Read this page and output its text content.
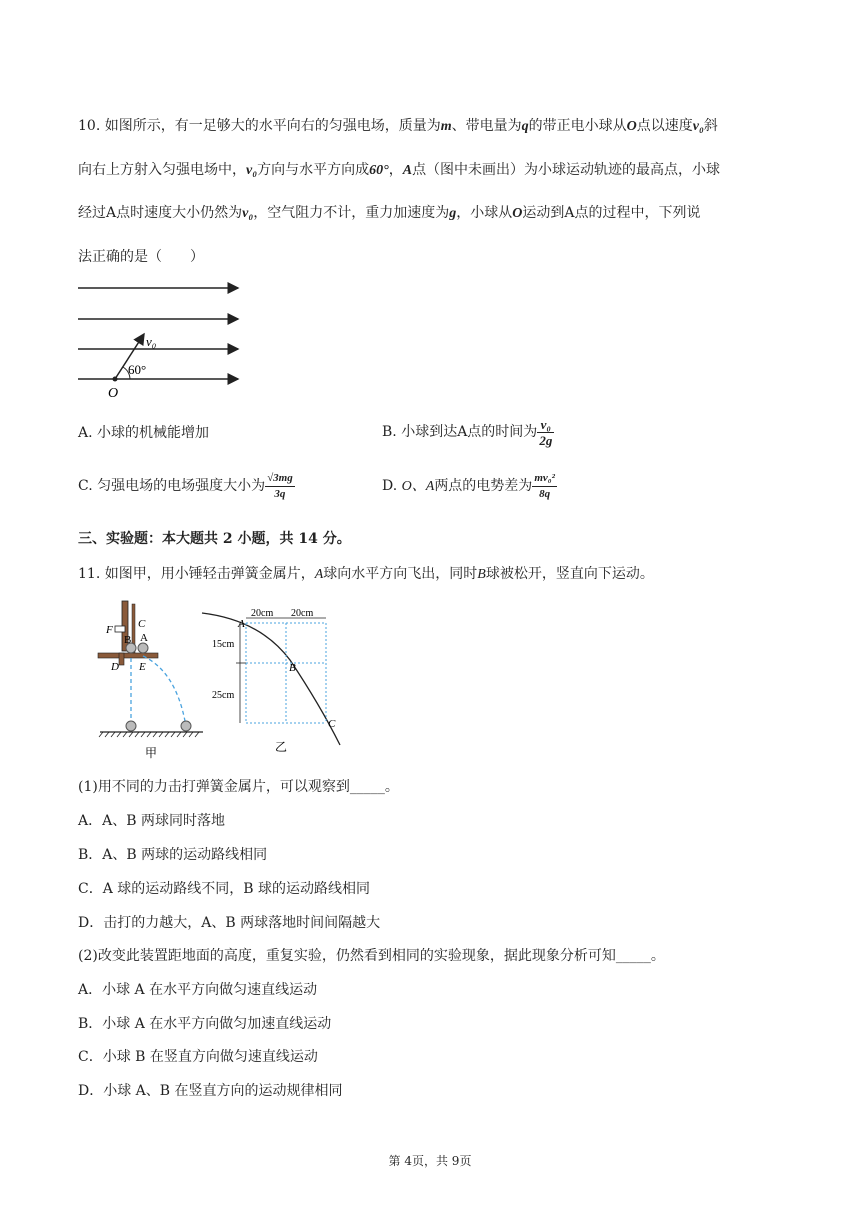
10. 如图所示，有一足够大的水平向右的匀强电场，质量为m、带电量为q的带正电小球从O点以速度v₀斜
向右上方射入匀强电场中，v₀方向与水平方向成60°，A点（图中未画出）为小球运动轨迹的最高点，小球
经过A点时速度大小仍然为v₀，空气阻力不计，重力加速度为g，小球从O运动到A点的过程中，下列说
法正确的是（　　）
v₀
60°
O
A. 小球的机械能增加	B. 小球到达A点的时间为 $\frac{\text{v₀}}{2g}$
C. 匀强电场的电场强度大小为 $\frac{√3mg}{3q}$	D. O、A两点的电势差为 $\frac{\text{mv₀²}}{8q}$
三、实验题：本大题共 2 小题，共 14 分。
11. 如图甲，用小锤轻击弹簧金属片，A球向水平方向飞出，同时B球被松开，竖直向下运动。
C
F
B A
D E
甲
A
B
C
20cm 20cm
15cm
25cm
乙
(1)用不同的力击打弹簧金属片，可以观察到_____。
A．A、B 两球同时落地
B．A、B 两球的运动路线相同
C．A 球的运动路线不同，B 球的运动路线相同
D．击打的力越大，A、B 两球落地时间间隔越大
(2)改变此装置距地面的高度，重复实验，仍然看到相同的实验现象，据此现象分析可知_____。
A．小球 A 在水平方向做匀速直线运动
B．小球 A 在水平方向做匀加速直线运动
C．小球 B 在竖直方向做匀速直线运动
D．小球 A、B 在竖直方向的运动规律相同
第 4页，共 9页
